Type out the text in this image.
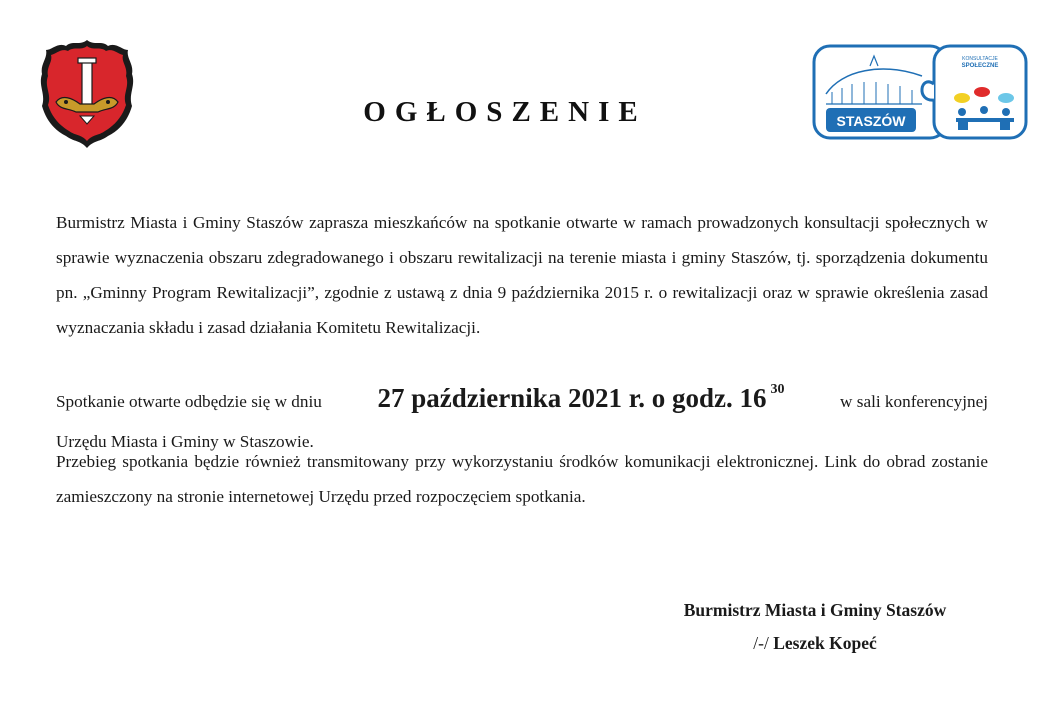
OGŁOSZENIE	STASZÓW
KONSULTACJE
SPOŁECZNE

Burmistrz Miasta i Gminy Staszów zaprasza mieszkańców na spotkanie otwarte w ramach prowadzonych konsultacji społecznych w sprawie wyznaczenia obszaru zdegradowanego i obszaru rewitalizacji na terenie miasta i gminy Staszów, tj. sporządzenia dokumentu pn. „Gminny Program Rewitalizacji”, zgodnie z ustawą z dnia 9 października 2015 r. o rewitalizacji oraz w sprawie określenia zasad wyznaczania składu i zasad działania Komitetu Rewitalizacji.

Spotkanie otwarte odbędzie się w dniu 27 października 2021 r. o godz. 16 $^{30}$
w sali konferencyjnej
Urzędu Miasta i Gminy w Staszowie.

Przebieg spotkania będzie również transmitowany przy wykorzystaniu środków komunikacji elektronicznej. Link do obrad zostanie zamieszczony na stronie internetowej Urzędu przed rozpoczęciem spotkania.

Burmistrz Miasta i Gminy Staszów
/-/ Leszek Kopeć
